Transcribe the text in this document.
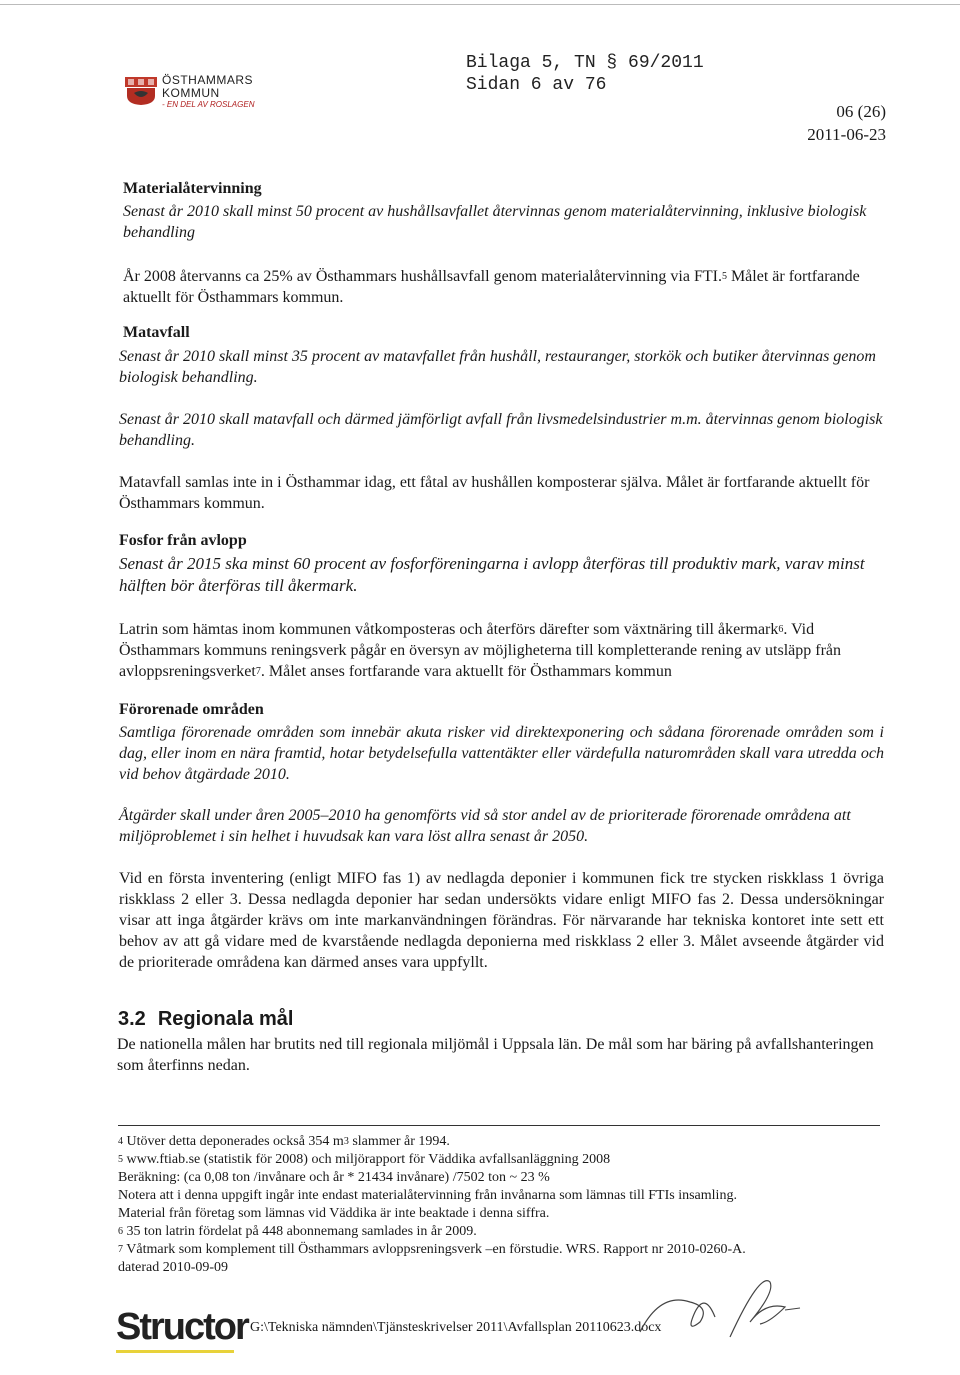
ÖSTHAMMARS
KOMMUN
- EN DEL AV ROSLAGEN
Bilaga 5, TN § 69/2011
Sidan 6 av 76
06 (26)
2011-06-23
Materialåtervinning
Senast år 2010 skall minst 50 procent av hushållsavfallet återvinnas genom materialåtervinning, inklusive biologisk behandling
År 2008 återvanns ca 25% av Östhammars hushållsavfall genom materialåtervinning via FTI.$^5$ Målet är fortfarande aktuellt för Östhammars kommun.
Matavfall
Senast år 2010 skall minst 35 procent av matavfallet från hushåll, restauranger, storkök och butiker återvinnas genom biologisk behandling.
Senast år 2010 skall matavfall och därmed jämförligt avfall från livsmedelsindustrier m.m. återvinnas genom biologisk behandling.
Matavfall samlas inte in i Östhammar idag, ett fåtal av hushållen komposterar själva. Målet är fortfarande aktuellt för Östhammars kommun.
Fosfor från avlopp
Senast år 2015 ska minst 60 procent av fosforföreningarna i avlopp återföras till produktiv mark, varav minst hälften bör återföras till åkermark.
Latrin som hämtas inom kommunen våtkomposteras och återförs därefter som växtnäring till åkermark$^6$. Vid Östhammars kommuns reningsverk pågår en översyn av möjligheterna till kompletterande rening av utsläpp från avloppsreningsverket$^7$. Målet anses fortfarande vara aktuellt för Östhammars kommun
Förorenade områden
Samtliga förorenade områden som innebär akuta risker vid direktexponering och sådana förorenade områden som i dag, eller inom en nära framtid, hotar betydelsefulla vattentäkter eller värdefulla naturområden skall vara utredda och vid behov åtgärdade 2010.
Åtgärder skall under åren 2005–2010 ha genomförts vid så stor andel av de prioriterade förorenade områdena att miljöproblemet i sin helhet i huvudsak kan vara löst allra senast år 2050.
Vid en första inventering (enligt MIFO fas 1) av nedlagda deponier i kommunen fick tre stycken riskklass 1 övriga riskklass 2 eller 3. Dessa nedlagda deponier har sedan undersökts vidare enligt MIFO fas 2. Dessa undersökningar visar att inga åtgärder krävs om inte markanvändningen förändras. För närvarande har tekniska kontoret inte sett ett behov av att gå vidare med de kvarstående nedlagda deponierna med riskklass 2 eller 3. Målet avseende åtgärder vid de prioriterade områdena kan därmed anses vara uppfyllt.
3.2 Regionala mål
De nationella målen har brutits ned till regionala miljömål i Uppsala län. De mål som har bäring på avfallshanteringen som återfinns nedan.
$^4$ Utöver detta deponerades också 354 $m^3$ slammer år 1994.
$^5$ www.ftiab.se (statistik för 2008) och miljörapport för Väddika avfallsanläggning 2008
Beräkning: (ca 0,08 ton /invånare och år * 21434 invånare) /7502 ton ~ 23 %
Notera att i denna uppgift ingår inte endast materialåtervinning från invånarna som lämnas till FTIs insamling.
Material från företag som lämnas vid Väddika är inte beaktade i denna siffra.
$^6$ 35 ton latrin fördelat på 448 abonnemang samlades in år 2009.
$^7$ Våtmark som komplement till Östhammars avloppsreningsverk –en förstudie. WRS. Rapport nr 2010-0260-A.
daterad 2010-09-09
Structor G:\Tekniska nämnden\Tjänsteskrivelser 2011\Avfallsplan 20110623.docx
